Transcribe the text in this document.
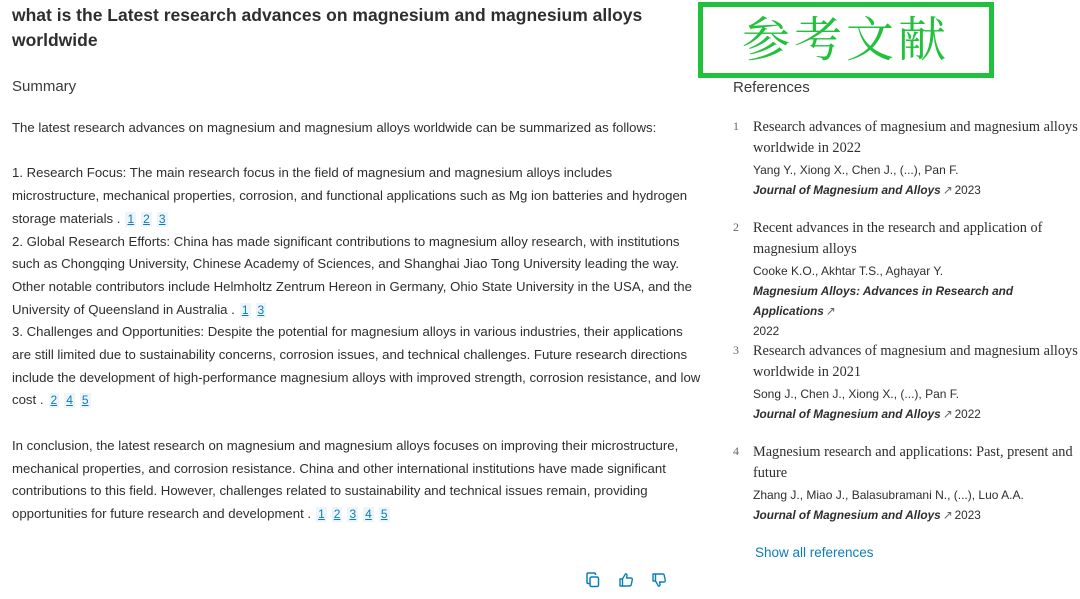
what is the Latest research advances on magnesium and magnesium alloys worldwide
Summary

The latest research advances on magnesium and magnesium alloys worldwide can be summarized as follows:

1. Research Focus: The main research focus in the field of magnesium and magnesium alloys includes microstructure, mechanical properties, corrosion, and functional applications such as Mg ion batteries and hydrogen storage materials . 1 2 3

2. Global Research Efforts: China has made significant contributions to magnesium alloy research, with institutions such as Chongqing University, Chinese Academy of Sciences, and Shanghai Jiao Tong University leading the way. Other notable contributors include Helmholtz Zentrum Hereon in Germany, Ohio State University in the USA, and the University of Queensland in Australia . 1 3

3. Challenges and Opportunities: Despite the potential for magnesium alloys in various industries, their applications are still limited due to sustainability concerns, corrosion issues, and technical challenges. Future research directions include the development of high-performance magnesium alloys with improved strength, corrosion resistance, and low cost . 2 4 5

In conclusion, the latest research on magnesium and magnesium alloys focuses on improving their microstructure, mechanical properties, and corrosion resistance. China and other international institutions have made significant contributions to this field. However, challenges related to sustainability and technical issues remain, providing opportunities for future research and development . 1 2 3 4 5

参考文献
References
1 Research advances of magnesium and magnesium alloys worldwide in 2022
Yang Y., Xiong X., Chen J., (...), Pan F.
Journal of Magnesium and Alloys ↗ 2023
2 Recent advances in the research and application of magnesium alloys
Cooke K.O., Akhtar T.S., Aghayar Y.
Magnesium Alloys: Advances in Research and Applications ↗
2022
3 Research advances of magnesium and magnesium alloys worldwide in 2021
Song J., Chen J., Xiong X., (...), Pan F.
Journal of Magnesium and Alloys ↗ 2022
4 Magnesium research and applications: Past, present and future
Zhang J., Miao J., Balasubramani N., (...), Luo A.A.
Journal of Magnesium and Alloys ↗ 2023
Show all references
